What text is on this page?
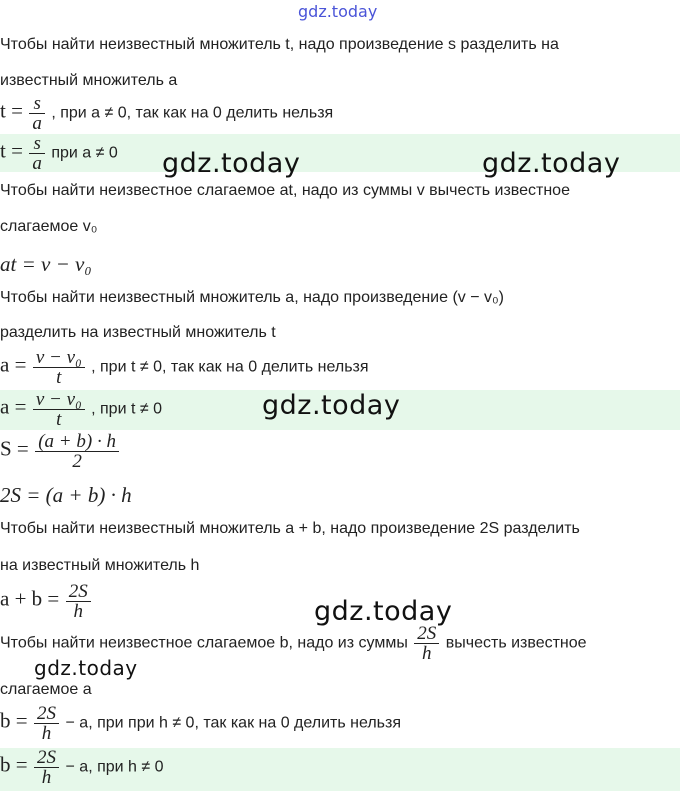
gdz.today
Чтобы найти неизвестный множитель t, надо произведение s разделить на
известный множитель a
$t = \frac{s}{a}$ , при a ≠ 0, так как на 0 делить нельзя
$t = \frac{s}{a}$ при a ≠ 0
Чтобы найти неизвестное слагаемое at, надо из суммы v вычесть известное
слагаемое v₀
at = v − v₀
Чтобы найти неизвестный множитель a, надо произведение (v − v₀)
разделить на известный множитель t
$a = \frac{\text{v − v₀}}{t}$ , при t ≠ 0, так как на 0 делить нельзя
$a = \frac{\text{v − v₀}}{t}$ , при t ≠ 0
$S = \frac{(a + b) \cdot h}{2}$
2S = (a + b) · h
Чтобы найти неизвестный множитель a + b, надо произведение 2S разделить
на известный множитель h
$a + b = \frac{2S}{h}$
Чтобы найти неизвестное слагаемое b, надо из суммы $\frac{2S}{h}$ вычесть известное
слагаемое a
$b = \frac{2S}{h} - a$, при при h ≠ 0, так как на 0 делить нельзя
$b = \frac{2S}{h} - a$, при h ≠ 0
gdz.today	gdz.today
gdz.today
gdz.today
gdz.today
